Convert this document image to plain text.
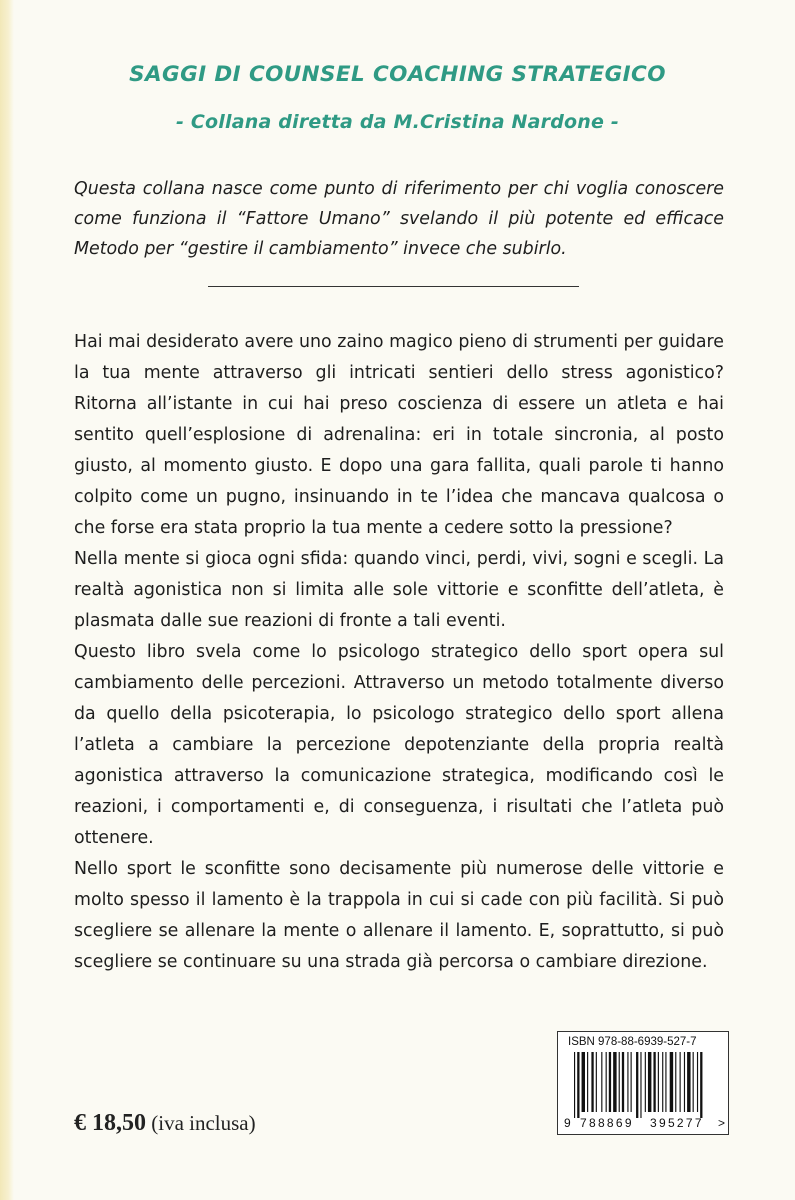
SAGGI DI COUNSEL COACHING STRATEGICO
- Collana diretta da M.Cristina Nardone -

Questa collana nasce come punto di riferimento per chi voglia conoscere come funziona il “Fattore Umano” svelando il più potente ed efficace Metodo per “gestire il cambiamento” invece che subirlo.

Hai mai desiderato avere uno zaino magico pieno di strumenti per guidare la tua mente attraverso gli intricati sentieri dello stress agonistico? Ritorna all’istante in cui hai preso coscienza di essere un atleta e hai sentito quell’esplosione di adrenalina: eri in totale sincronia, al posto giusto, al momento giusto. E dopo una gara fallita, quali parole ti hanno colpito come un pugno, insinuando in te l’idea che mancava qualcosa o che forse era stata proprio la tua mente a cedere sotto la pressione?

Nella mente si gioca ogni sfida: quando vinci, perdi, vivi, sogni e scegli. La realtà agonistica non si limita alle sole vittorie e sconfitte dell’atleta, è plasmata dalle sue reazioni di fronte a tali eventi.

Questo libro svela come lo psicologo strategico dello sport opera sul cambiamento delle percezioni. Attraverso un metodo totalmente diverso da quello della psicoterapia, lo psicologo strategico dello sport allena l’atleta a cambiare la percezione depotenziante della propria realtà agonistica attraverso la comunicazione strategica, modificando così le reazioni, i comportamenti e, di conseguenza, i risultati che l’atleta può ottenere.

Nello sport le sconfitte sono decisamente più numerose delle vittorie e molto spesso il lamento è la trappola in cui si cade con più facilità. Si può scegliere se allenare la mente o allenare il lamento. E, soprattutto, si può scegliere se continuare su una strada già percorsa o cambiare direzione.

€ 18,50 (iva inclusa)
ISBN 978-88-6939-527-7
9 788869 395277 >
